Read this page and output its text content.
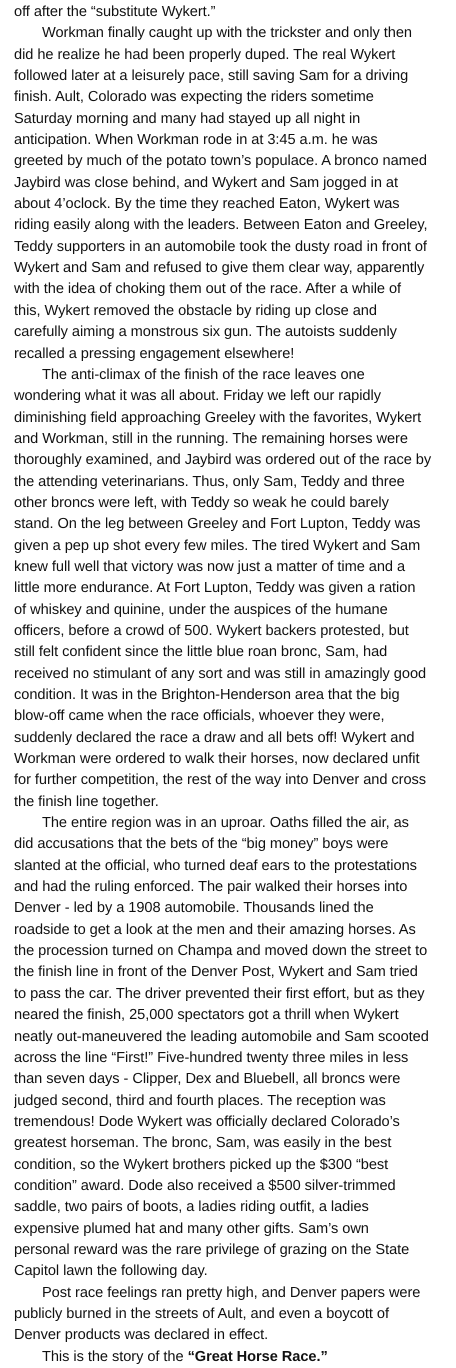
off after the “substitute Wykert.”
Workman finally caught up with the trickster and only then
did he realize he had been properly duped. The real Wykert
followed later at a leisurely pace, still saving Sam for a driving
finish. Ault, Colorado was expecting the riders sometime
Saturday morning and many had stayed up all night in
anticipation. When Workman rode in at 3:45 a.m. he was
greeted by much of the potato town’s populace. A bronco named
Jaybird was close behind, and Wykert and Sam jogged in at
about 4’oclock. By the time they reached Eaton, Wykert was
riding easily along with the leaders. Between Eaton and Greeley,
Teddy supporters in an automobile took the dusty road in front of
Wykert and Sam and refused to give them clear way, apparently
with the idea of choking them out of the race. After a while of
this, Wykert removed the obstacle by riding up close and
carefully aiming a monstrous six gun. The autoists suddenly
recalled a pressing engagement elsewhere!
The anti-climax of the finish of the race leaves one
wondering what it was all about. Friday we left our rapidly
diminishing field approaching Greeley with the favorites, Wykert
and Workman, still in the running. The remaining horses were
thoroughly examined, and Jaybird was ordered out of the race by
the attending veterinarians. Thus, only Sam, Teddy and three
other broncs were left, with Teddy so weak he could barely
stand. On the leg between Greeley and Fort Lupton, Teddy was
given a pep up shot every few miles. The tired Wykert and Sam
knew full well that victory was now just a matter of time and a
little more endurance. At Fort Lupton, Teddy was given a ration
of whiskey and quinine, under the auspices of the humane
officers, before a crowd of 500. Wykert backers protested, but
still felt confident since the little blue roan bronc, Sam, had
received no stimulant of any sort and was still in amazingly good
condition. It was in the Brighton-Henderson area that the big
blow-off came when the race officials, whoever they were,
suddenly declared the race a draw and all bets off! Wykert and
Workman were ordered to walk their horses, now declared unfit
for further competition, the rest of the way into Denver and cross
the finish line together.
The entire region was in an uproar. Oaths filled the air, as
did accusations that the bets of the “big money” boys were
slanted at the official, who turned deaf ears to the protestations
and had the ruling enforced. The pair walked their horses into
Denver - led by a 1908 automobile. Thousands lined the
roadside to get a look at the men and their amazing horses. As
the procession turned on Champa and moved down the street to
the finish line in front of the Denver Post, Wykert and Sam tried
to pass the car. The driver prevented their first effort, but as they
neared the finish, 25,000 spectators got a thrill when Wykert
neatly out-maneuvered the leading automobile and Sam scooted
across the line “First!” Five-hundred twenty three miles in less
than seven days - Clipper, Dex and Bluebell, all broncs were
judged second, third and fourth places. The reception was
tremendous! Dode Wykert was officially declared Colorado’s
greatest horseman. The bronc, Sam, was easily in the best
condition, so the Wykert brothers picked up the $300 “best
condition” award. Dode also received a $500 silver-trimmed
saddle, two pairs of boots, a ladies riding outfit, a ladies
expensive plumed hat and many other gifts. Sam’s own
personal reward was the rare privilege of grazing on the State
Capitol lawn the following day.
Post race feelings ran pretty high, and Denver papers were
publicly burned in the streets of Ault, and even a boycott of
Denver products was declared in effect.
This is the story of the “Great Horse Race.”
